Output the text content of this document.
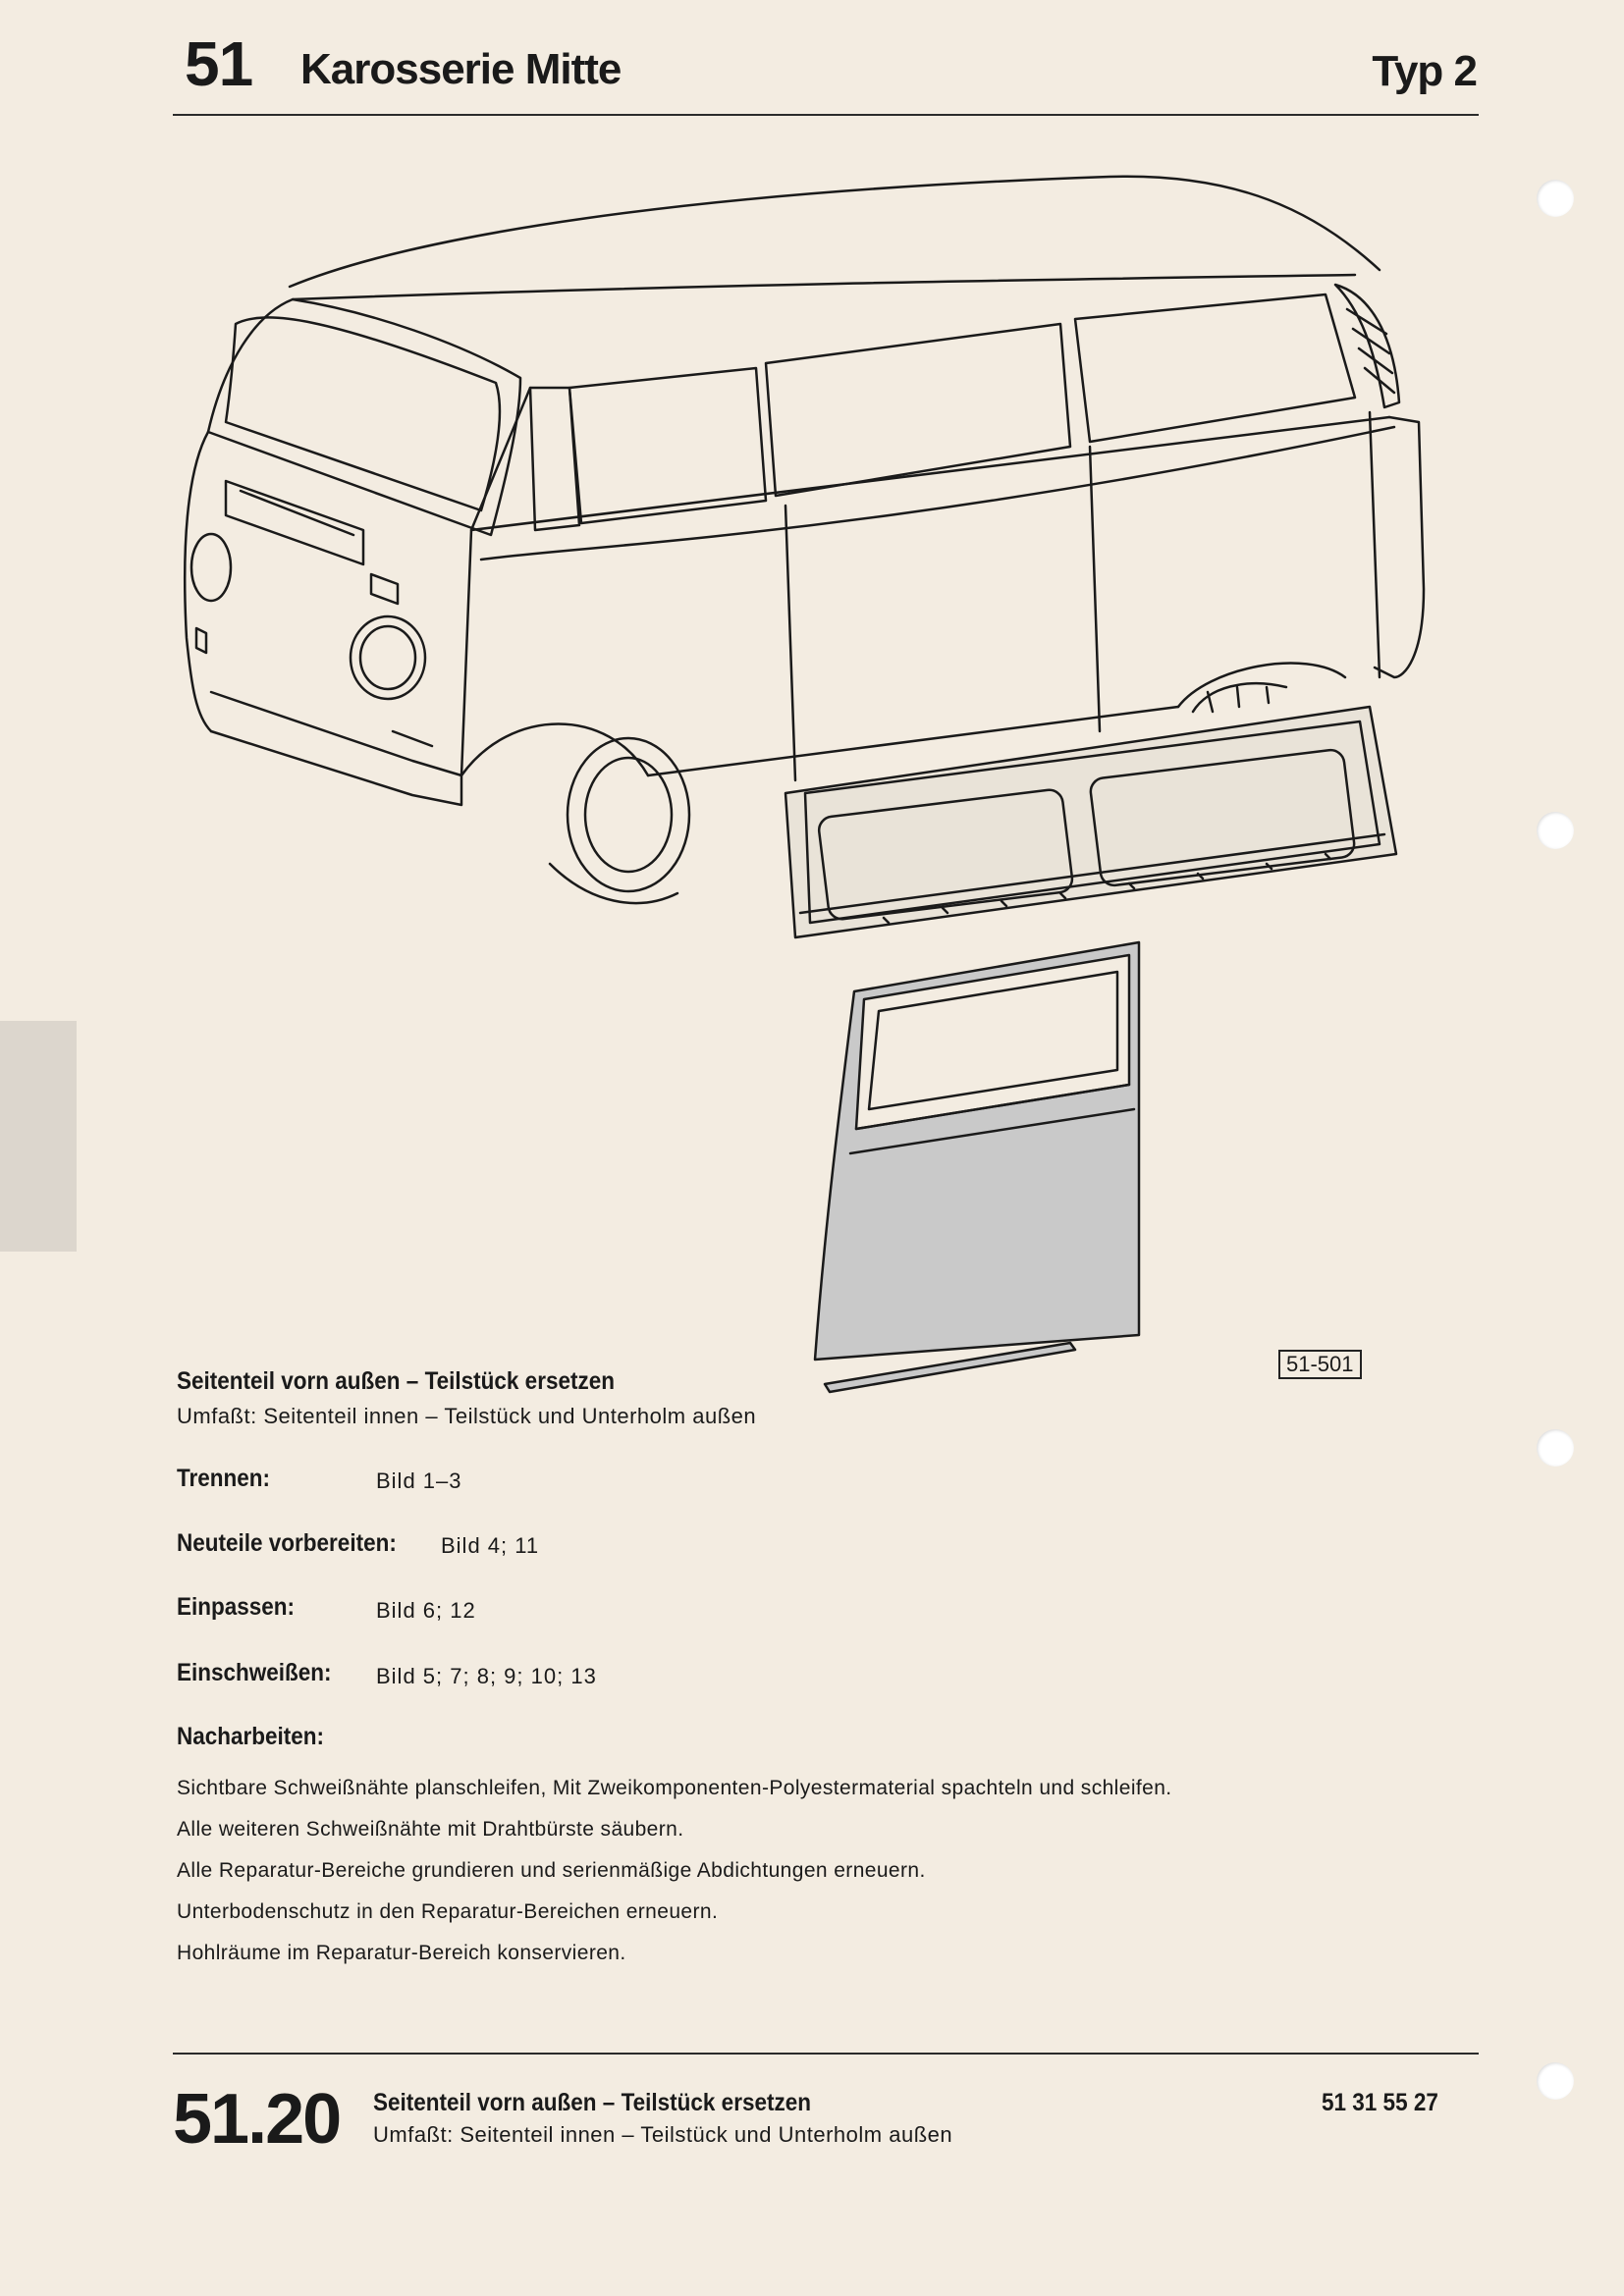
51 Karosserie Mitte	Typ 2
51-501
Seitenteil vorn außen – Teilstück ersetzen
Umfaßt: Seitenteil innen – Teilstück und Unterholm außen
Trennen:	Bild 1–3
Neuteile vorbereiten: Bild 4; 11
Einpassen:	Bild 6; 12
Einschweißen: Bild 5; 7; 8; 9; 10; 13
Nacharbeiten:
Sichtbare Schweißnähte planschleifen, Mit Zweikomponenten-Polyestermaterial spachteln und schleifen.
Alle weiteren Schweißnähte mit Drahtbürste säubern.
Alle Reparatur-Bereiche grundieren und serienmäßige Abdichtungen erneuern.
Unterbodenschutz in den Reparatur-Bereichen erneuern.
Hohlräume im Reparatur-Bereich konservieren.
51.20 Seitenteil vorn außen – Teilstück ersetzen
Umfaßt: Seitenteil innen – Teilstück und Unterholm außen
51 31 55 27
